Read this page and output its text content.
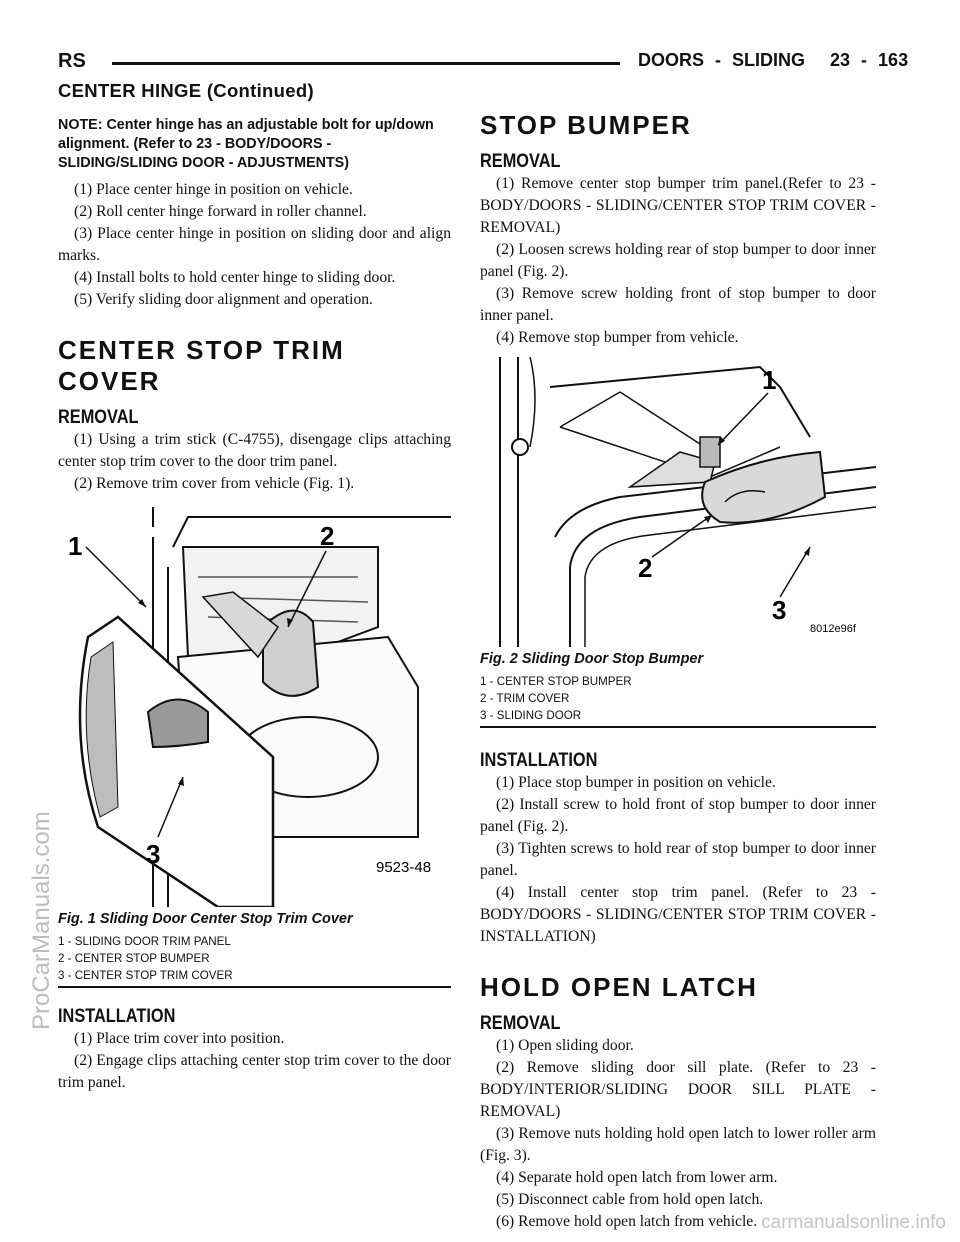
RS	DOORS - SLIDING 23 - 163
CENTER HINGE (Continued)
NOTE: Center hinge has an adjustable bolt for up/down alignment. (Refer to 23 - BODY/DOORS - SLIDING/SLIDING DOOR - ADJUSTMENTS)

(1) Place center hinge in position on vehicle.

(2) Roll center hinge forward in roller channel.

(3) Place center hinge in position on sliding door and align marks.

(4) Install bolts to hold center hinge to sliding door.

(5) Verify sliding door alignment and operation.

CENTER STOP TRIM COVER
REMOVAL

(1) Using a trim stick (C-4755), disengage clips attaching center stop trim cover to the door trim panel.

(2) Remove trim cover from vehicle (Fig. 1).

1	2
3	9523-48
Fig. 1 Sliding Door Center Stop Trim Cover
1 - SLIDING DOOR TRIM PANEL
2 - CENTER STOP BUMPER
3 - CENTER STOP TRIM COVER
INSTALLATION

(1) Place trim cover into position.

(2) Engage clips attaching center stop trim cover to the door trim panel.

STOP BUMPER
REMOVAL

(1) Remove center stop bumper trim panel.(Refer to 23 - BODY/DOORS - SLIDING/CENTER STOP TRIM COVER - REMOVAL)

(2) Loosen screws holding rear of stop bumper to door inner panel (Fig. 2).

(3) Remove screw holding front of stop bumper to door inner panel.

(4) Remove stop bumper from vehicle.

1
2
3
8012e96f
Fig. 2 Sliding Door Stop Bumper
1 - CENTER STOP BUMPER
2 - TRIM COVER
3 - SLIDING DOOR
INSTALLATION

(1) Place stop bumper in position on vehicle.

(2) Install screw to hold front of stop bumper to door inner panel (Fig. 2).

(3) Tighten screws to hold rear of stop bumper to door inner panel.

(4) Install center stop trim panel. (Refer to 23 - BODY/DOORS - SLIDING/CENTER STOP TRIM COVER - INSTALLATION)

HOLD OPEN LATCH
REMOVAL

(1) Open sliding door.

(2) Remove sliding door sill plate. (Refer to 23 - BODY/INTERIOR/SLIDING DOOR SILL PLATE - REMOVAL)

(3) Remove nuts holding hold open latch to lower roller arm (Fig. 3).

(4) Separate hold open latch from lower arm.

(5) Disconnect cable from hold open latch.

(6) Remove hold open latch from vehicle.

ProCarManuals.com
carmanualsonline.info
